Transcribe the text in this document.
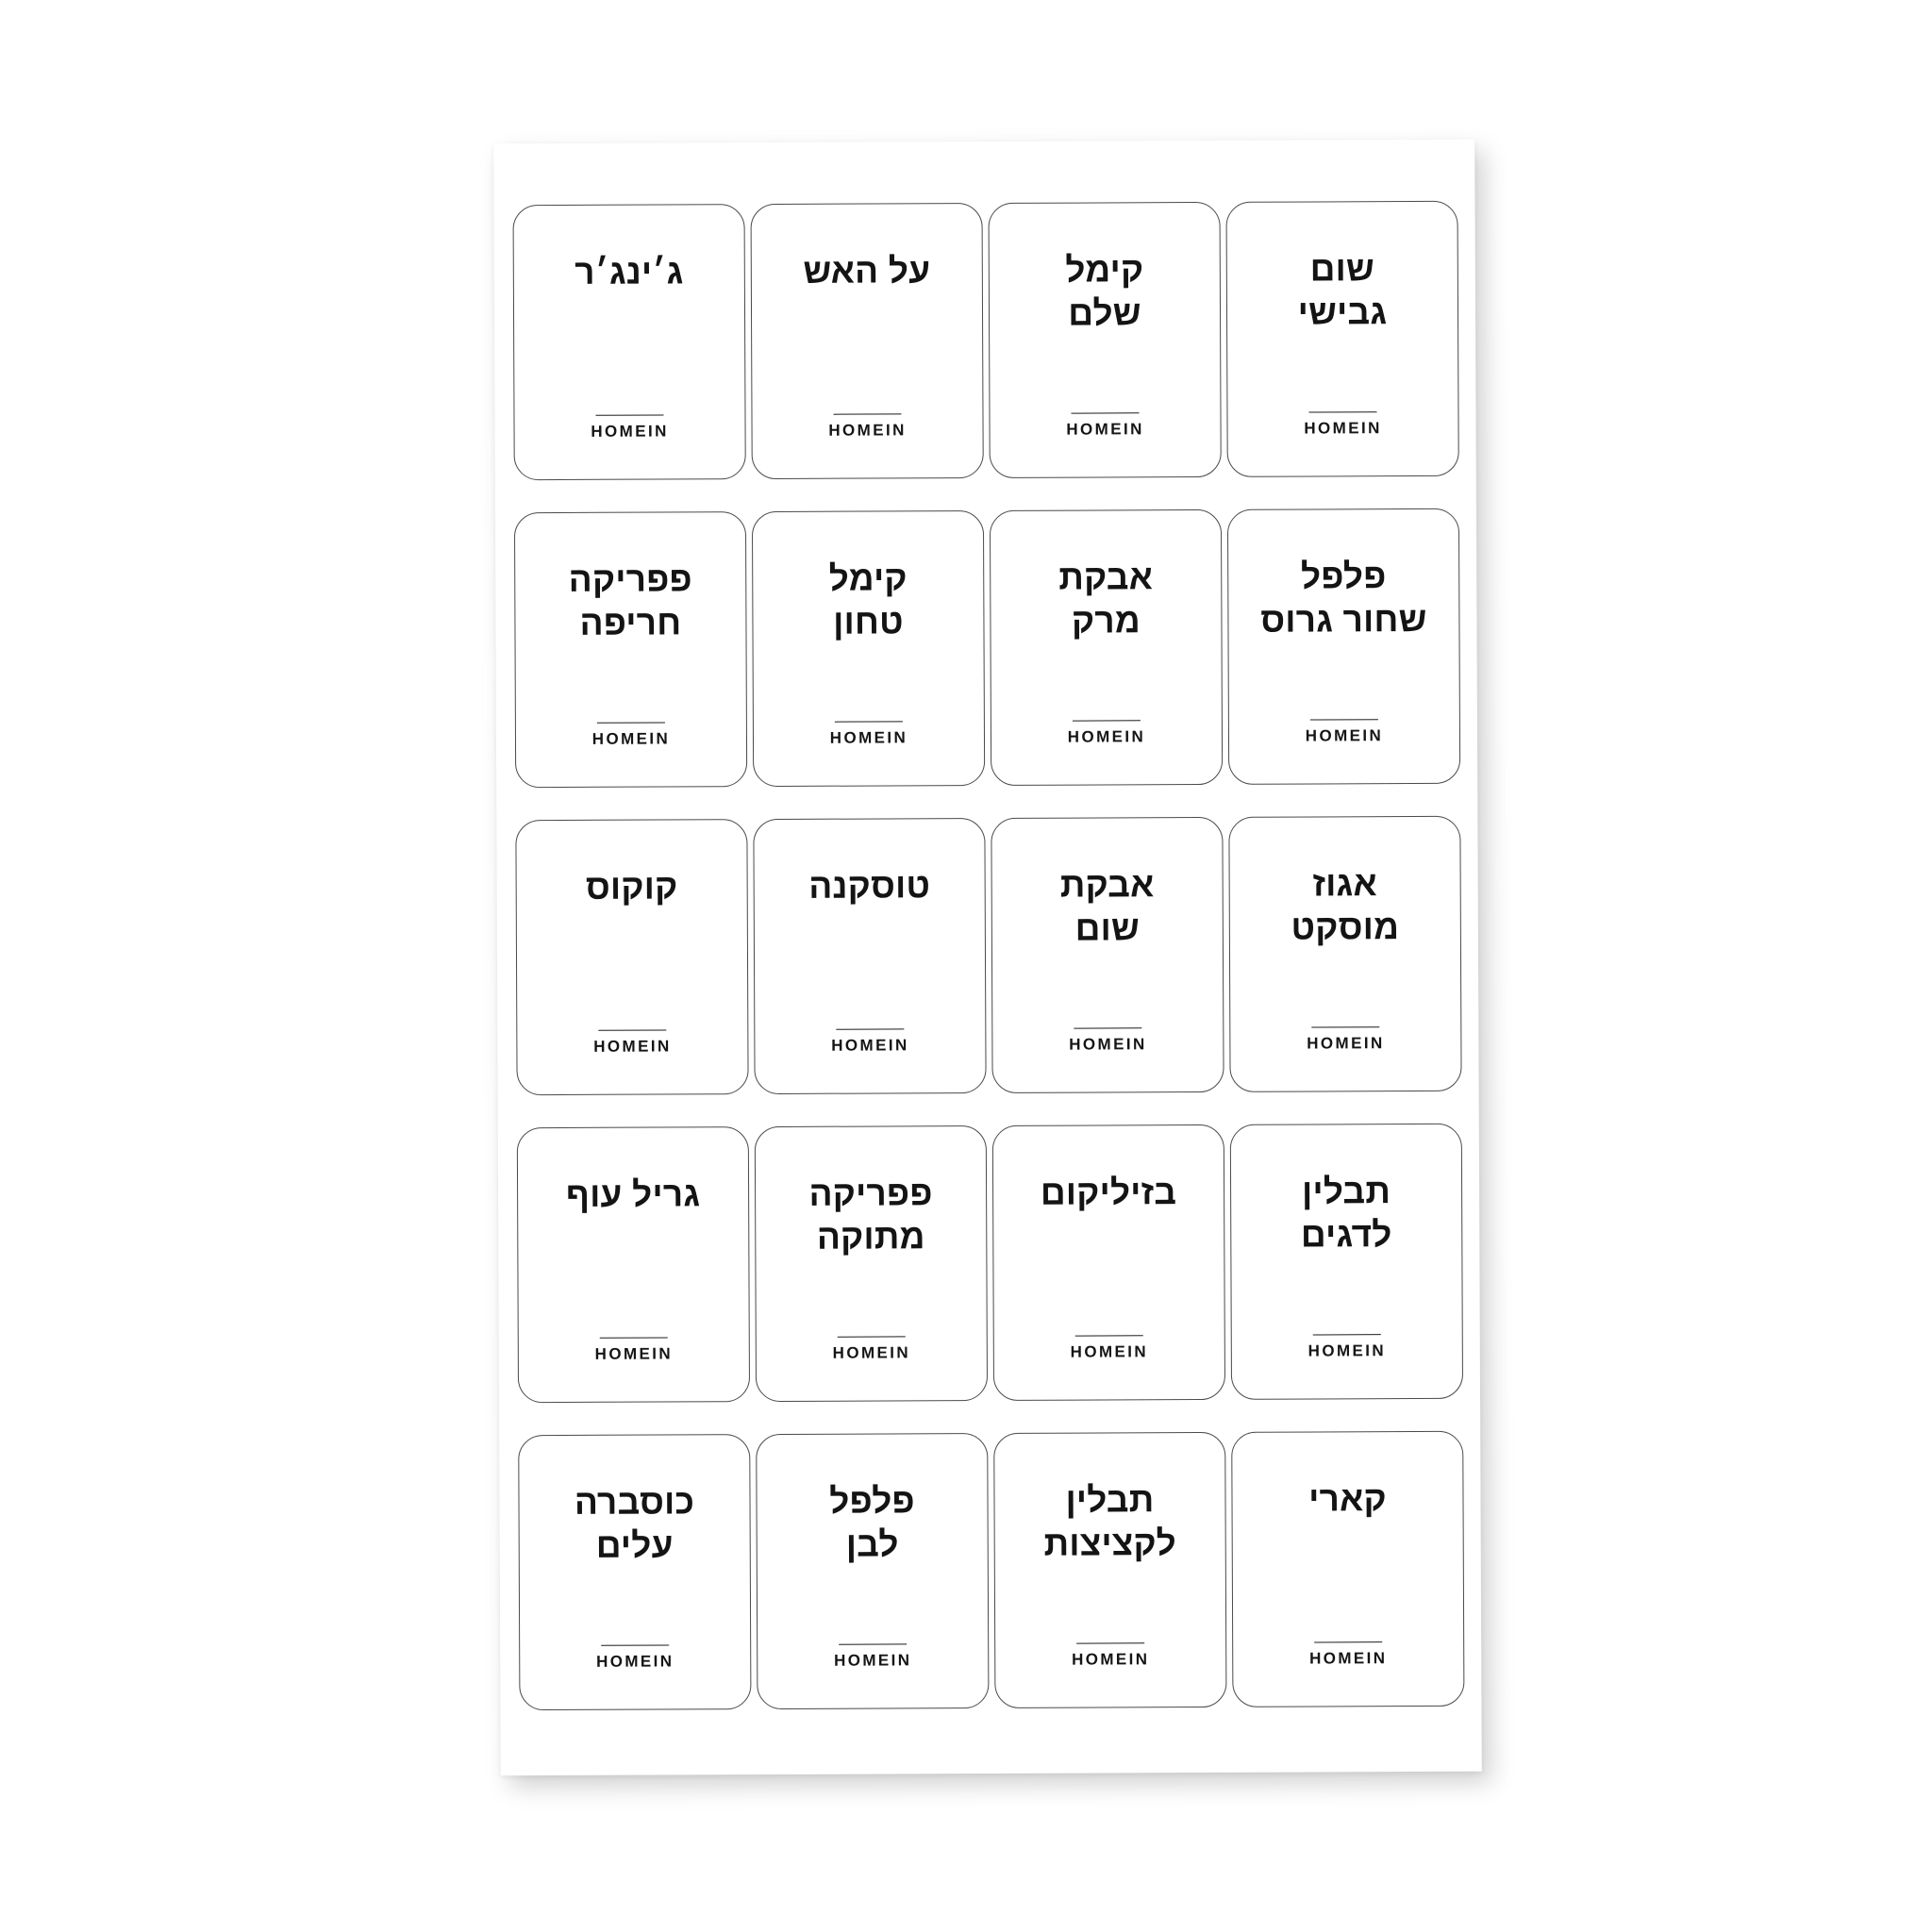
שום
גבישי
HOMEIN
קימל
שלם
HOMEIN
על האש
HOMEIN
ג׳ינג׳ר
HOMEIN
פלפל
שחור גרוס
HOMEIN
אבקת
מרק
HOMEIN
קימל
טחון
HOMEIN
פפריקה
חריפה
HOMEIN
אגוז
מוסקט
HOMEIN
אבקת
שום
HOMEIN
טוסקנה
HOMEIN
קוקוס
HOMEIN
תבלין
לדגים
HOMEIN
בזיליקום
HOMEIN
פפריקה
מתוקה
HOMEIN
גריל עוף
HOMEIN
קארי
HOMEIN
תבלין
לקציצות
HOMEIN
פלפל
לבן
HOMEIN
כוסברה
עלים
HOMEIN
